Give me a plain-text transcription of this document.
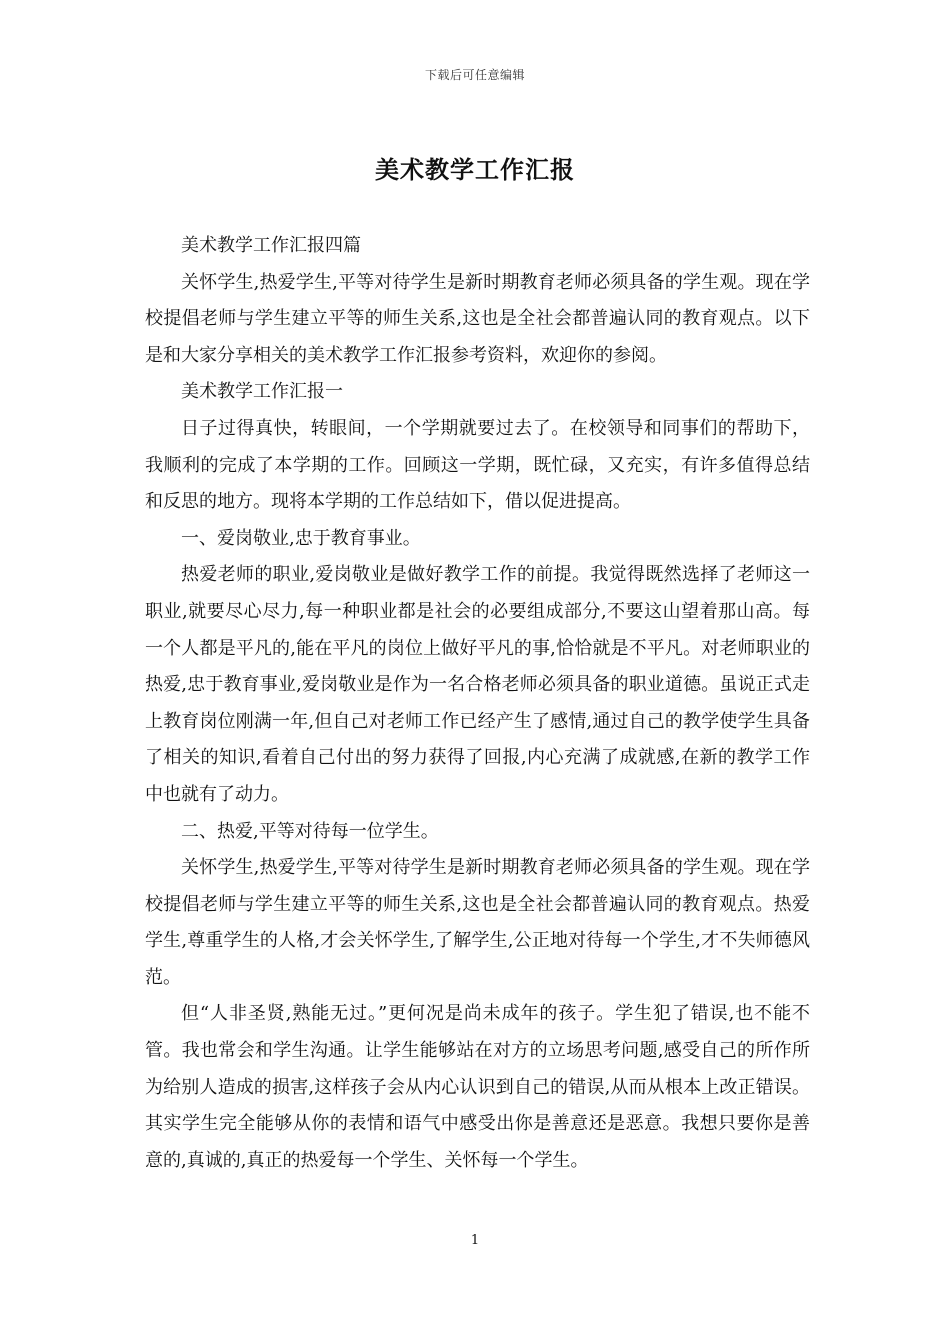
下载后可任意编辑
美术教学工作汇报

美术教学工作汇报四篇

关怀学生,热爱学生,平等对待学生是新时期教育老师必须具备的学生观。现在学校提倡老师与学生建立平等的师生关系,这也是全社会都普遍认同的教育观点。以下是和大家分享相关的美术教学工作汇报参考资料，欢迎你的参阅。

美术教学工作汇报一

日子过得真快，转眼间，一个学期就要过去了。在校领导和同事们的帮助下，我顺利的完成了本学期的工作。回顾这一学期，既忙碌，又充实，有许多值得总结和反思的地方。现将本学期的工作总结如下，借以促进提高。

一、爱岗敬业,忠于教育事业。

热爱老师的职业,爱岗敬业是做好教学工作的前提。我觉得既然选择了老师这一职业,就要尽心尽力,每一种职业都是社会的必要组成部分,不要这山望着那山高。每一个人都是平凡的,能在平凡的岗位上做好平凡的事,恰恰就是不平凡。对老师职业的热爱,忠于教育事业,爱岗敬业是作为一名合格老师必须具备的职业道德。虽说正式走上教育岗位刚满一年,但自己对老师工作已经产生了感情,通过自己的教学使学生具备了相关的知识,看着自己付出的努力获得了回报,内心充满了成就感,在新的教学工作中也就有了动力。

二、热爱,平等对待每一位学生。

关怀学生,热爱学生,平等对待学生是新时期教育老师必须具备的学生观。现在学校提倡老师与学生建立平等的师生关系,这也是全社会都普遍认同的教育观点。热爱学生,尊重学生的人格,才会关怀学生,了解学生,公正地对待每一个学生,才不失师德风范。

但“人非圣贤,熟能无过。”更何况是尚未成年的孩子。学生犯了错误,也不能不管。我也常会和学生沟通。让学生能够站在对方的立场思考问题,感受自己的所作所为给别人造成的损害,这样孩子会从内心认识到自己的错误,从而从根本上改正错误。其实学生完全能够从你的表情和语气中感受出你是善意还是恶意。我想只要你是善意的,真诚的,真正的热爱每一个学生、关怀每一个学生。

1
